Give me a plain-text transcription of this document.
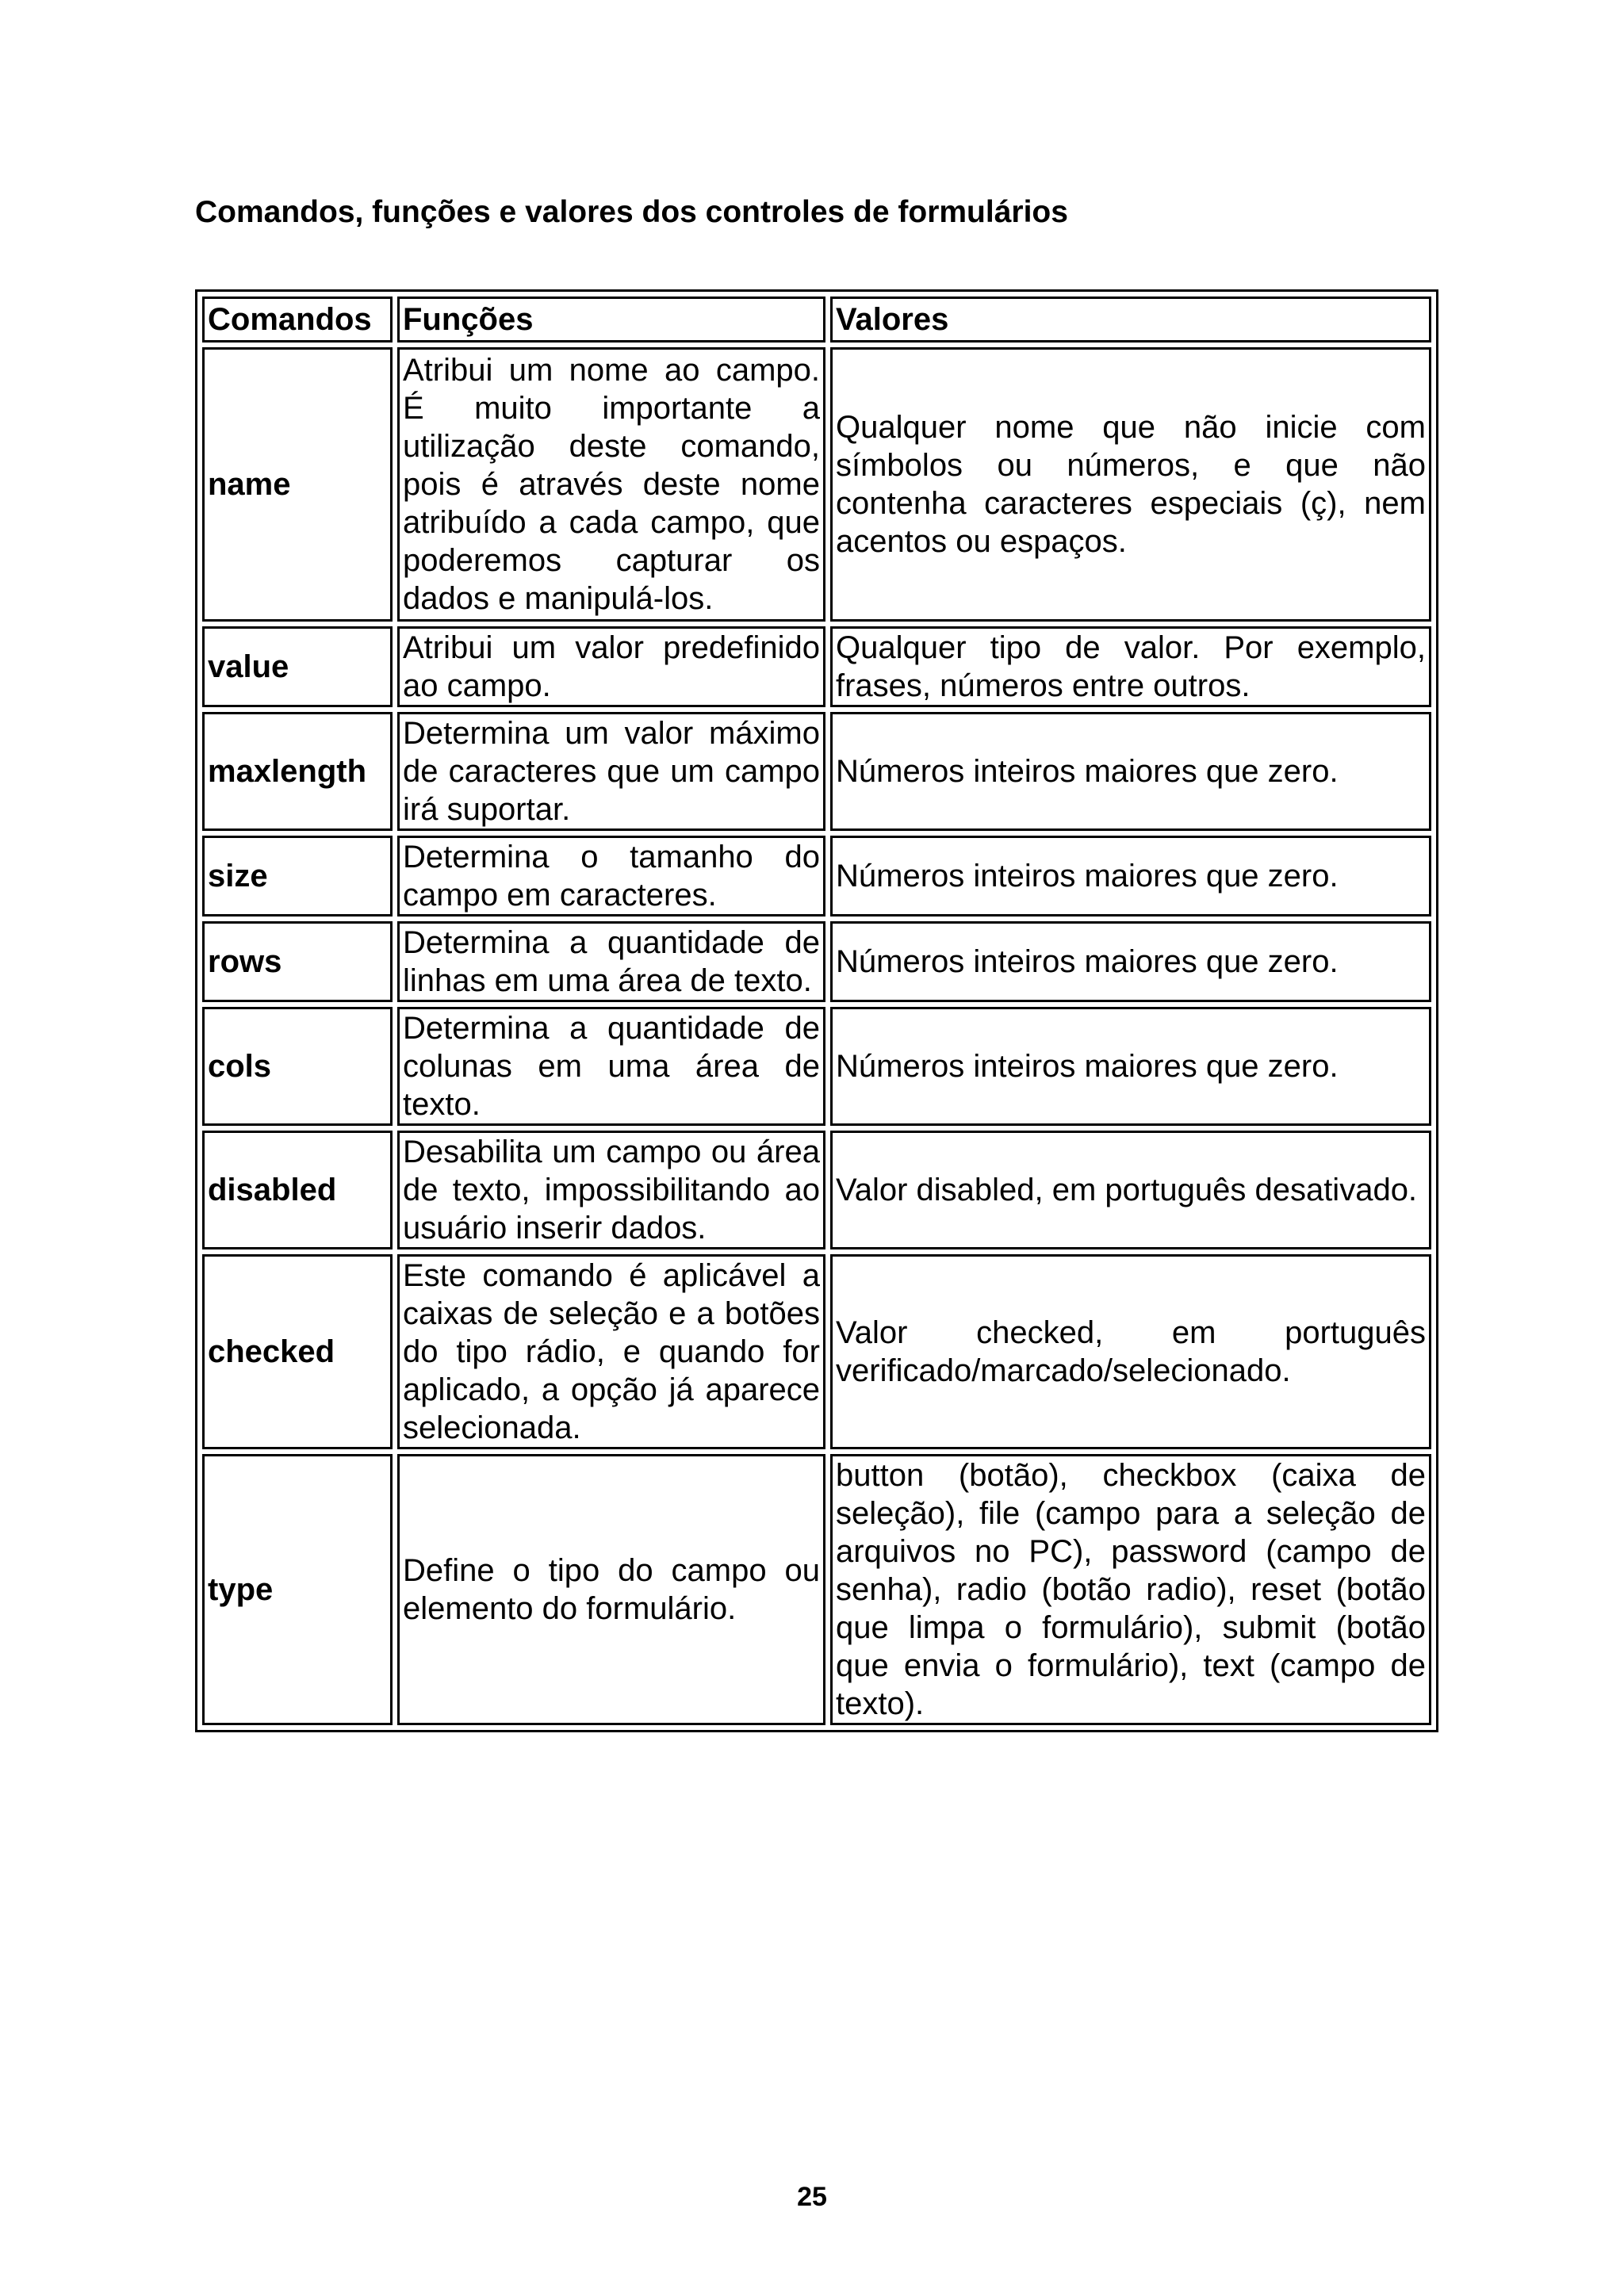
Comandos, funções e valores dos controles de formulários
Comandos	Funções	Valores
name	Atribui um nome ao campo. É muito importante a utilização deste comando, pois é através deste nome atribuído a cada campo, que poderemos capturar os dados e manipulá-los.	Qualquer nome que não inicie com símbolos ou números, e que não contenha caracteres especiais (ç), nem acentos ou espaços.
value	Atribui um valor predefinido ao campo.	Qualquer tipo de valor. Por exemplo, frases, números entre outros.
maxlength	Determina um valor máximo de caracteres que um campo irá suportar.	Números inteiros maiores que zero.
size	Determina o tamanho do campo em caracteres.	Números inteiros maiores que zero.
rows	Determina a quantidade de linhas em uma área de texto.	Números inteiros maiores que zero.
cols	Determina a quantidade de colunas em uma área de texto.	Números inteiros maiores que zero.
disabled	Desabilita um campo ou área de texto, impossibilitando ao usuário inserir dados.	Valor disabled, em português desativado.
checked	Este comando é aplicável a caixas de seleção e a botões do tipo rádio, e quando for aplicado, a opção já aparece selecionada.	Valor checked, em português verificado/marcado/selecionado.
type	Define o tipo do campo ou elemento do formulário.	button (botão), checkbox (caixa de seleção), file (campo para a seleção de arquivos no PC), password (campo de senha), radio (botão radio), reset (botão que limpa o formulário), submit (botão que envia o formulário), text (campo de texto).
25
